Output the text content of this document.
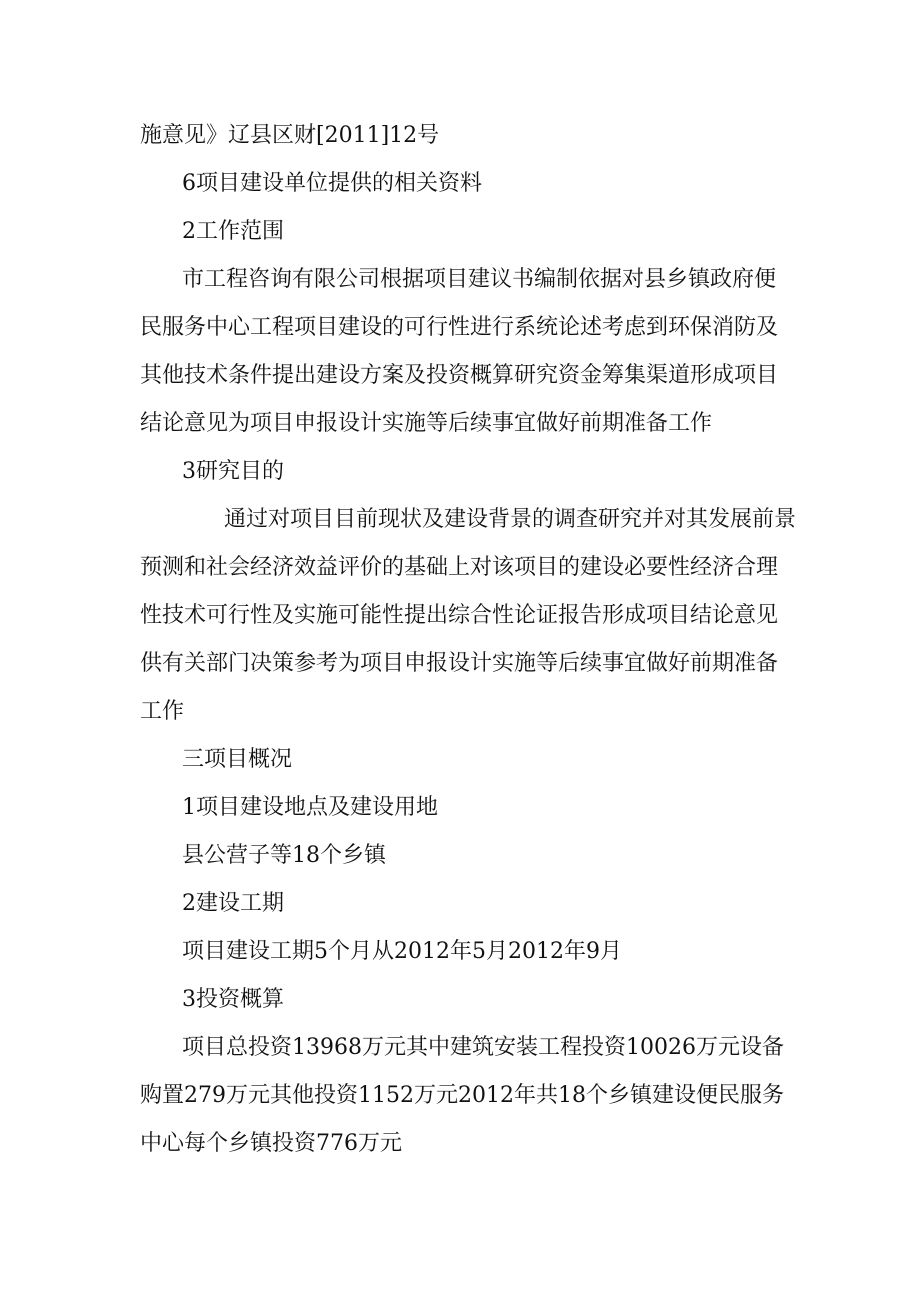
施意见》辽县区财[2011]12号
6项目建设单位提供的相关资料
2工作范围
市工程咨询有限公司根据项目建议书编制依据对县乡镇政府便
民服务中心工程项目建设的可行性进行系统论述考虑到环保消防及
其他技术条件提出建设方案及投资概算研究资金筹集渠道形成项目
结论意见为项目申报设计实施等后续事宜做好前期准备工作
3研究目的
通过对项目目前现状及建设背景的调查研究并对其发展前景
预测和社会经济效益评价的基础上对该项目的建设必要性经济合理
性技术可行性及实施可能性提出综合性论证报告形成项目结论意见
供有关部门决策参考为项目申报设计实施等后续事宜做好前期准备
工作
三项目概况
1项目建设地点及建设用地
县公营子等18个乡镇
2建设工期
项目建设工期5个月从2012年5月2012年9月
3投资概算
项目总投资13968万元其中建筑安装工程投资10026万元设备
购置279万元其他投资1152万元2012年共18个乡镇建设便民服务
中心每个乡镇投资776万元
